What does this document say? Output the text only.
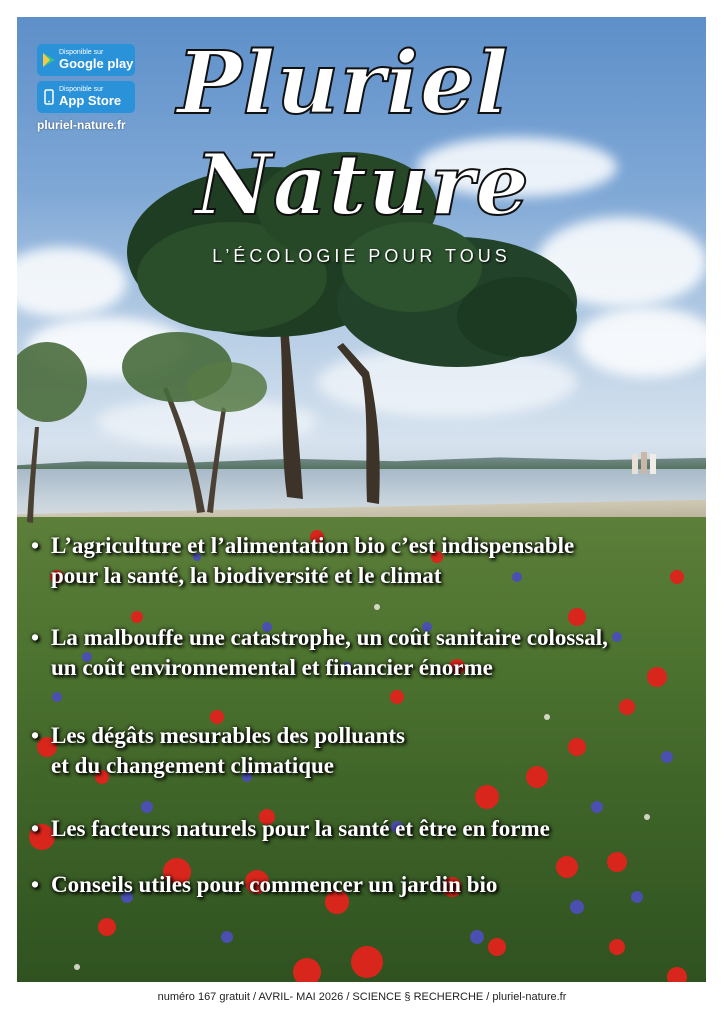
Disponible sur
Google play
Disponible sur
App Store
pluriel-nature.fr Pluriel
Nature
L’ÉCOLOGIE POUR TOUS
• L’agriculture et l’alimentation bio c’est indispensable
pour la santé, la biodiversité et le climat
• La malbouffe une catastrophe, un coût sanitaire colossal,
un coût environnemental et financier énorme
• Les dégâts mesurables des polluants
et du changement climatique
• Les facteurs naturels pour la santé et être en forme
• Conseils utiles pour commencer un jardin bio
numéro 167 gratuit / AVRIL- MAI 2026 / SCIENCE § RECHERCHE / pluriel-nature.fr
